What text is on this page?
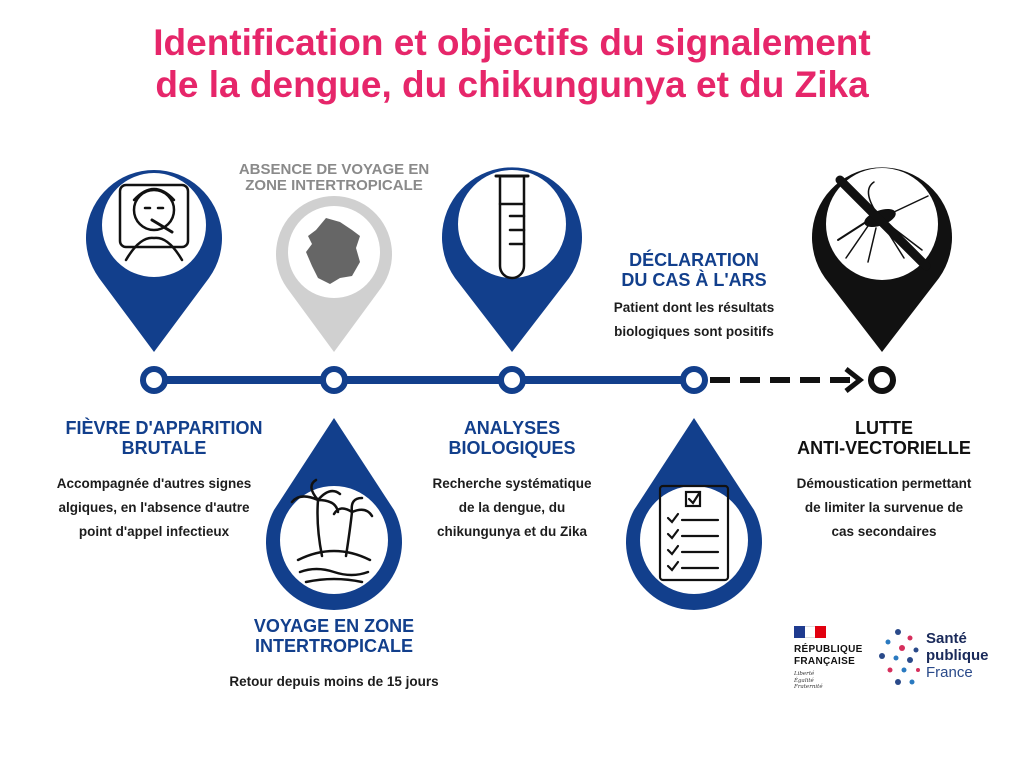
Identification et objectifs du signalement
de la dengue, du chikungunya et du Zika
FIÈVRE D'APPARITION
BRUTALE
Accompagnée d'autres signes
algiques, en l'absence d'autre
point d'appel infectieux
ABSENCE DE VOYAGE EN
ZONE INTERTROPICALE
VOYAGE EN ZONE
INTERTROPICALE
Retour depuis moins de 15 jours
ANALYSES
BIOLOGIQUES
Recherche systématique
de la dengue, du
chikungunya et du Zika
DÉCLARATION
DU CAS À L'ARS
Patient dont les résultats
biologiques sont positifs
LUTTE
ANTI-VECTORIELLE
Démoustication permettant
de limiter la survenue de
cas secondaires
RÉPUBLIQUE
FRANÇAISE
Liberté
Égalité
Fraternité
Santé
publique
France
